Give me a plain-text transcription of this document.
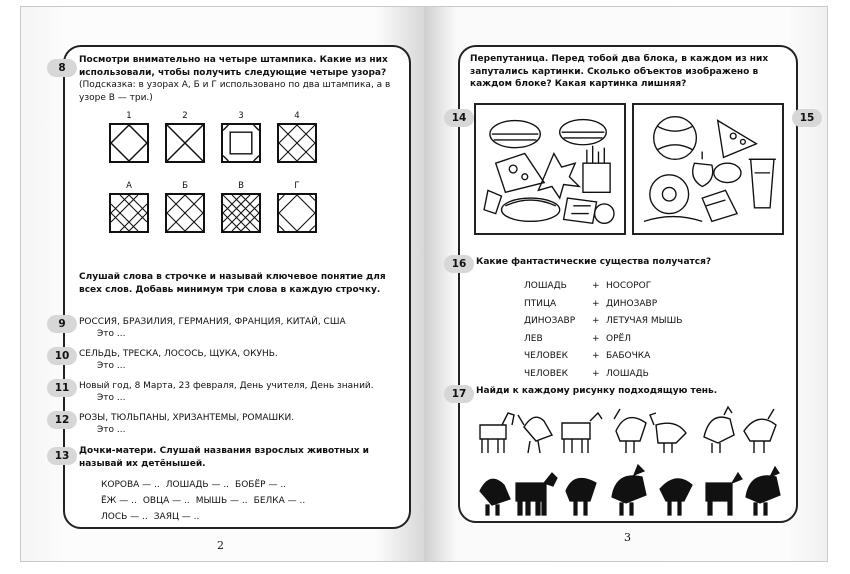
8
Посмотри внимательно на четыре штампика. Какие из них использовали, чтобы получить следующие четыре узора? (Подсказка: в узорах А, Б и Г использовано по два штампика, а в узоре В — три.)
1	2	3	4
А	Б	В	Г
Слушай слова в строчке и называй ключевое понятие для всех слов. Добавь минимум три слова в каждую строчку.
9	РОССИЯ, БРАЗИЛИЯ, ГЕРМАНИЯ, ФРАНЦИЯ, КИТАЙ, США
Это ...
10	СЕЛЬДЬ, ТРЕСКА, ЛОСОСЬ, ЩУКА, ОКУНЬ.
Это ...
11	Новый год, 8 Марта, 23 февраля, День учителя, День знаний.
Это ...
12	РОЗЫ, ТЮЛЬПАНЫ, ХРИЗАНТЕМЫ, РОМАШКИ.
Это ...
13	Дочки-матери. Слушай названия взрослых животных и называй их детёнышей.
КОРОВА — .. ЛОШАДЬ — .. БОБЁР — ..
ЁЖ — .. ОВЦА — .. МЫШЬ — .. БЕЛКА — ..
ЛОСЬ — .. ЗАЯЦ — ..
2
Перепутаница. Перед тобой два блока, в каждом из них запутались картинки. Сколько объектов изображено в каждом блоке? Какая картинка лишняя?
14	15
16	Какие фантастические существа получатся?
ЛОШАДЬ	+ НОСОРОГ
ПТИЦА	+ ДИНОЗАВР
ДИНОЗАВР + ЛЕТУЧАЯ МЫШЬ
ЛЕВ	+ ОРЁЛ
ЧЕЛОВЕК	+ БАБОЧКА
ЧЕЛОВЕК	+ ЛОШАДЬ
17	Найди к каждому рисунку подходящую тень.
3
